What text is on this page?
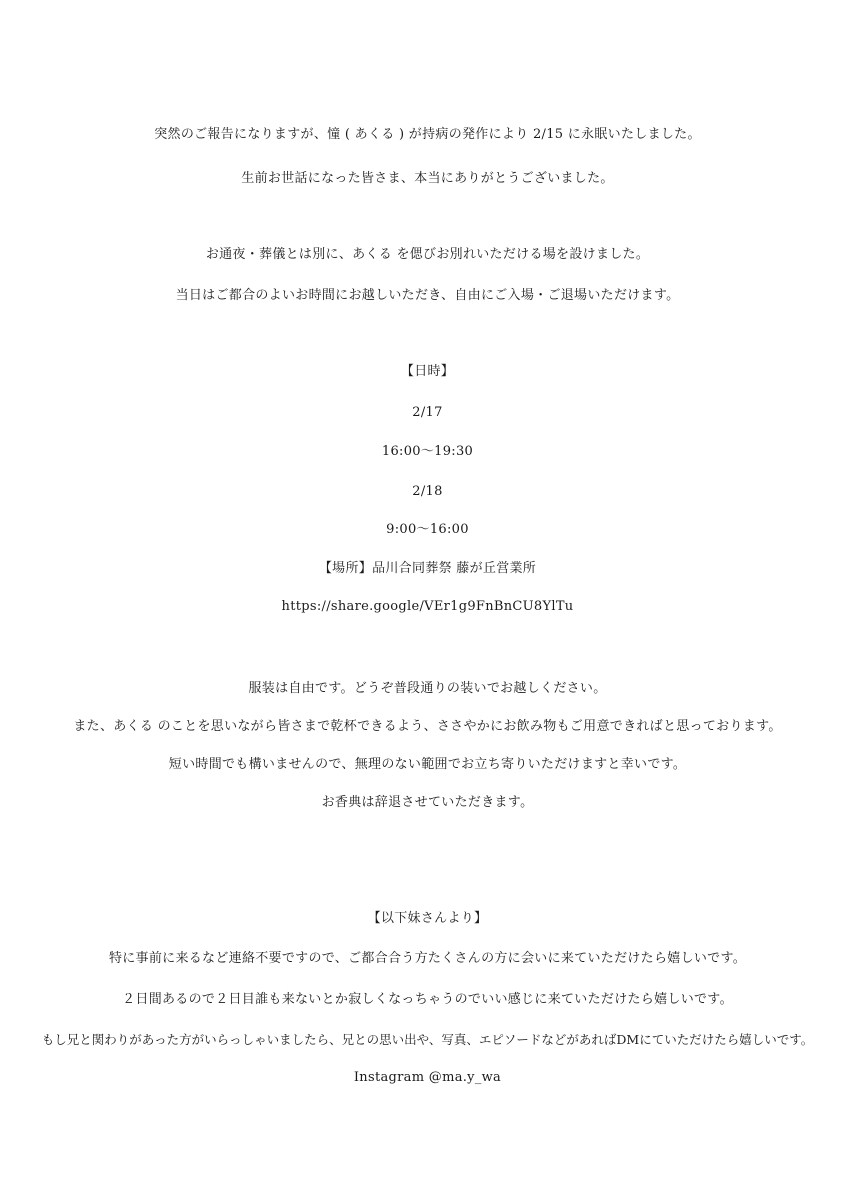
突然のご報告になりますが、憧 ( あくる ) が持病の発作により 2/15 に永眠いたしました。
生前お世話になった皆さま、本当にありがとうございました。
お通夜・葬儀とは別に、あくる を偲びお別れいただける場を設けました。
当日はご都合のよいお時間にお越しいただき、自由にご入場・ご退場いただけます。
【日時】
2/17
16:00〜19:30
2/18
9:00〜16:00
【場所】品川合同葬祭 藤が丘営業所
https://share.google/VEr1g9FnBnCU8YlTu
服装は自由です。どうぞ普段通りの装いでお越しください。
また、あくる のことを思いながら皆さまで乾杯できるよう、ささやかにお飲み物もご用意できればと思っております。
短い時間でも構いませんので、無理のない範囲でお立ち寄りいただけますと幸いです。
お香典は辞退させていただきます。
【以下妹さんより】
特に事前に来るなど連絡不要ですので、ご都合合う方たくさんの方に会いに来ていただけたら嬉しいです。
２日間あるので２日目誰も来ないとか寂しくなっちゃうのでいい感じに来ていただけたら嬉しいです。
もし兄と関わりがあった方がいらっしゃいましたら、兄との思い出や、写真、エピソードなどがあればDMにていただけたら嬉しいです。
Instagram @ma.y_wa
